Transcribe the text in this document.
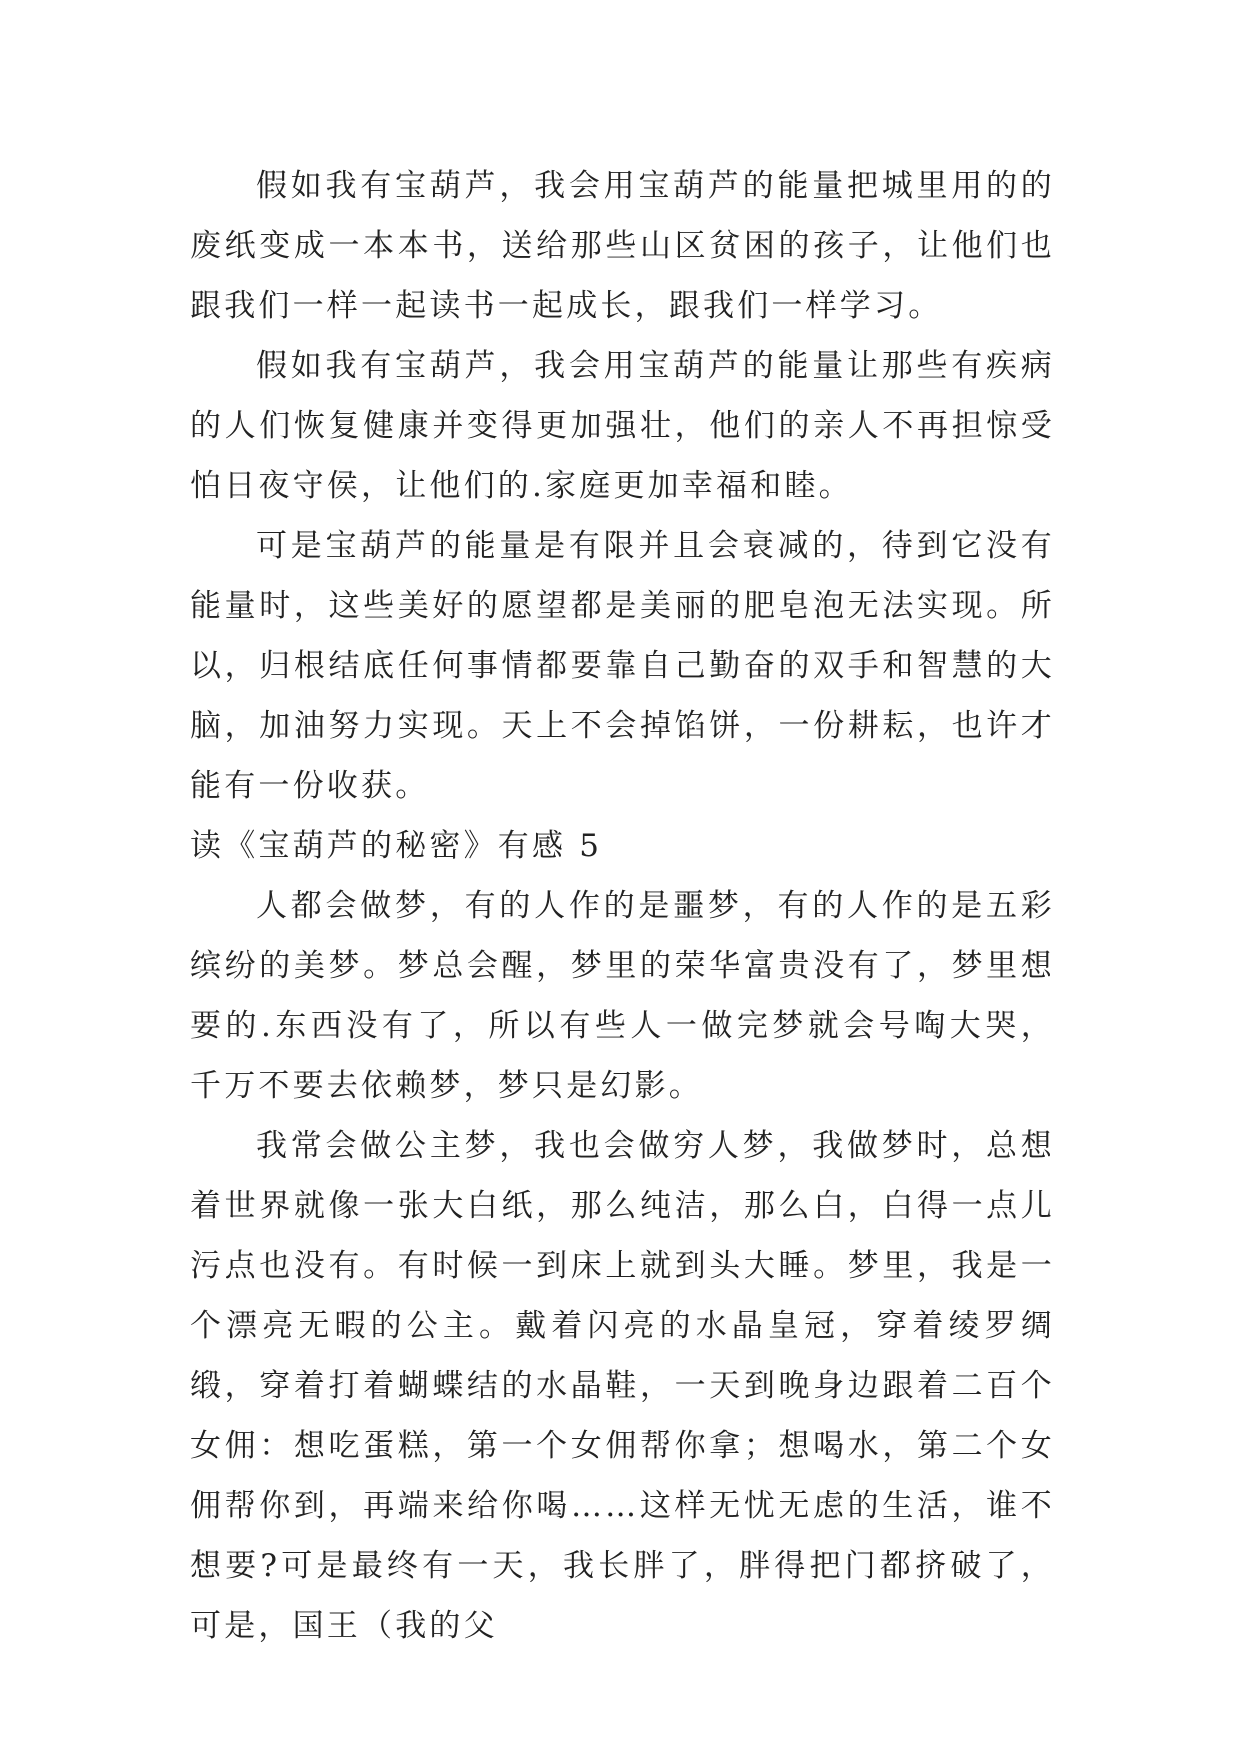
假如我有宝葫芦，我会用宝葫芦的能量把城里用的的废纸变成一本本书，送给那些山区贫困的孩子，让他们也跟我们一样一起读书一起成长，跟我们一样学习。

假如我有宝葫芦，我会用宝葫芦的能量让那些有疾病的人们恢复健康并变得更加强壮，他们的亲人不再担惊受怕日夜守侯，让他们的.家庭更加幸福和睦。

可是宝葫芦的能量是有限并且会衰减的，待到它没有能量时，这些美好的愿望都是美丽的肥皂泡无法实现。所以，归根结底任何事情都要靠自己勤奋的双手和智慧的大脑，加油努力实现。天上不会掉馅饼，一份耕耘，也许才能有一份收获。

读《宝葫芦的秘密》有感 5

人都会做梦，有的人作的是噩梦，有的人作的是五彩缤纷的美梦。梦总会醒，梦里的荣华富贵没有了，梦里想要的.东西没有了，所以有些人一做完梦就会号啕大哭，千万不要去依赖梦，梦只是幻影。

我常会做公主梦，我也会做穷人梦，我做梦时，总想着世界就像一张大白纸，那么纯洁，那么白，白得一点儿污点也没有。有时候一到床上就到头大睡。梦里，我是一个漂亮无暇的公主。戴着闪亮的水晶皇冠，穿着绫罗绸缎，穿着打着蝴蝶结的水晶鞋，一天到晚身边跟着二百个女佣：想吃蛋糕，第一个女佣帮你拿；想喝水，第二个女佣帮你到，再端来给你喝……这样无忧无虑的生活，谁不想要?可是最终有一天，我长胖了，胖得把门都挤破了，可是，国王（我的父
